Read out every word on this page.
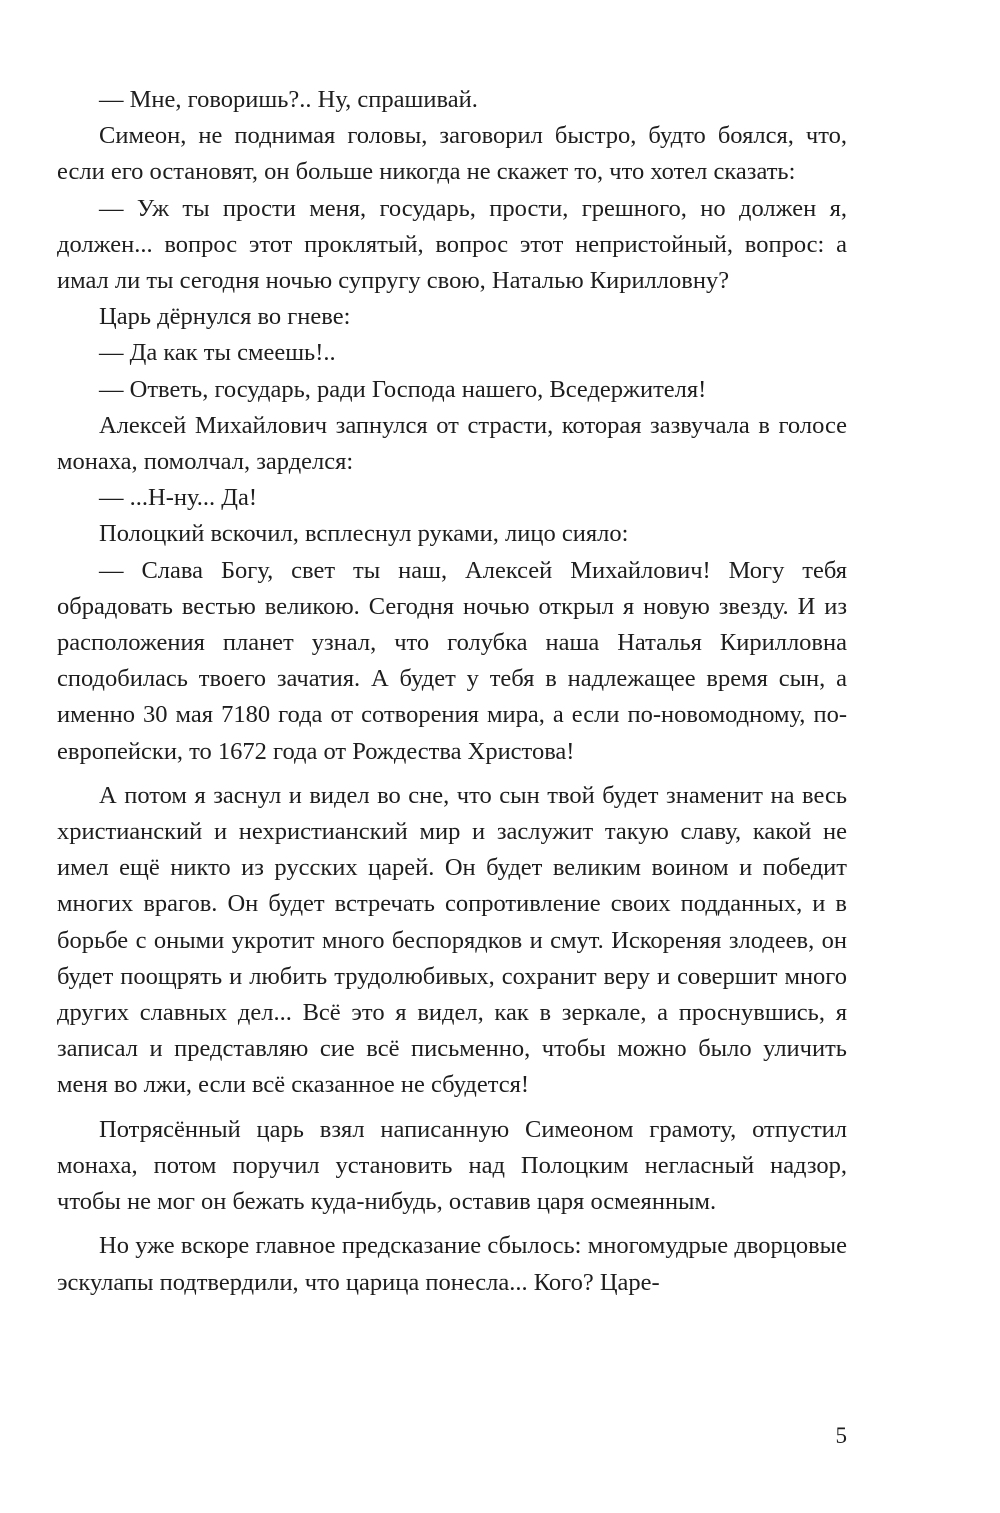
— Мне, говоришь?.. Ну, спрашивай.

Симеон, не поднимая головы, заговорил быстро, будто боялся, что, если его остановят, он больше никогда не скажет то, что хотел сказать:

— Уж ты прости меня, государь, прости, грешного, но должен я, должен... вопрос этот проклятый, вопрос этот непристойный, вопрос: а имал ли ты сегодня ночью супругу свою, Наталью Кирилловну?

Царь дёрнулся во гневе:

— Да как ты смеешь!..

— Ответь, государь, ради Господа нашего, Вседержителя!

Алексей Михайлович запнулся от страсти, которая зазвучала в голосе монаха, помолчал, зарделся:

— ...Н-ну... Да!

Полоцкий вскочил, всплеснул руками, лицо сияло:

— Слава Богу, свет ты наш, Алексей Михайлович! Могу тебя обрадовать вестью великою. Сегодня ночью открыл я новую звезду. И из расположения планет узнал, что голубка наша Наталья Кирилловна сподобилась твоего зачатия. А будет у тебя в надлежащее время сын, а именно 30 мая 7180 года от сотворения мира, а если по-новомодному, по-европейски, то 1672 года от Рождества Христова!

А потом я заснул и видел во сне, что сын твой будет знаменит на весь христианский и нехристианский мир и заслужит такую славу, какой не имел ещё никто из русских царей. Он будет великим воином и победит многих врагов. Он будет встречать сопротивление своих подданных, и в борьбе с оными укротит много беспорядков и смут. Искореняя злодеев, он будет поощрять и любить трудолюбивых, сохранит веру и совершит много других славных дел... Всё это я видел, как в зеркале, а проснувшись, я записал и представляю сие всё письменно, чтобы можно было уличить меня во лжи, если всё сказанное не сбудется!

Потрясённый царь взял написанную Симеоном грамоту, отпустил монаха, потом поручил установить над Полоцким негласный надзор, чтобы не мог он бежать куда-нибудь, оставив царя осмеянным.

Но уже вскоре главное предсказание сбылось: многомудрые дворцовые эскулапы подтвердили, что царица понесла... Кого? Царе-

5
